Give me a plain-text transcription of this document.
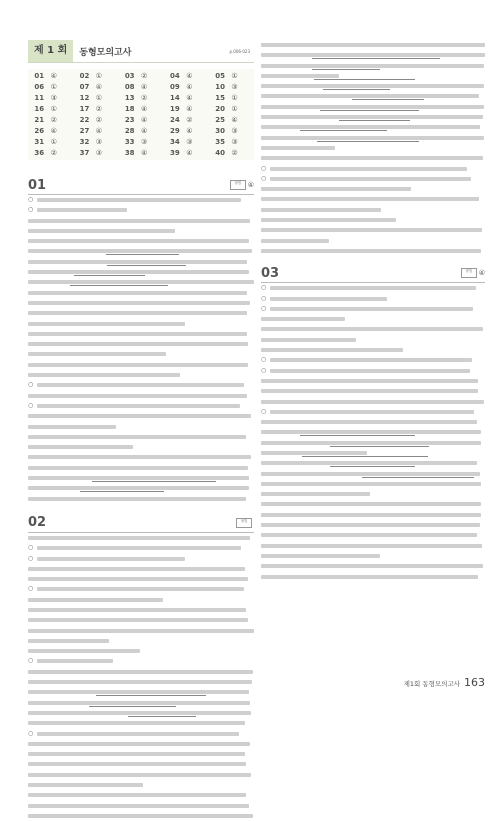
제 1 회	동형모의고사	p.006-023
01 ④	02 ①	03 ②	04 ④	05 ①
06 ①	07 ④	08 ④	09 ④	10 ③
11 ③	12 ①	13 ②	14 ④	15 ①
16 ①	17 ②	18 ④	19 ④	20 ①
21 ②	22 ②	23 ④	24 ②	25 ④
26 ④	27 ④	28 ④	29 ④	30 ③
31 ①	32 ③	33 ③	34 ③	35 ③
36 ②	37 ③	38 ④	39 ④	40 ②
01	형법 ④
○
○
○
○
02	형법
○
○
○
○
○
○
○
03	형법 ④
○
○
○
○
○
○
제1회 동형모의고사 163
